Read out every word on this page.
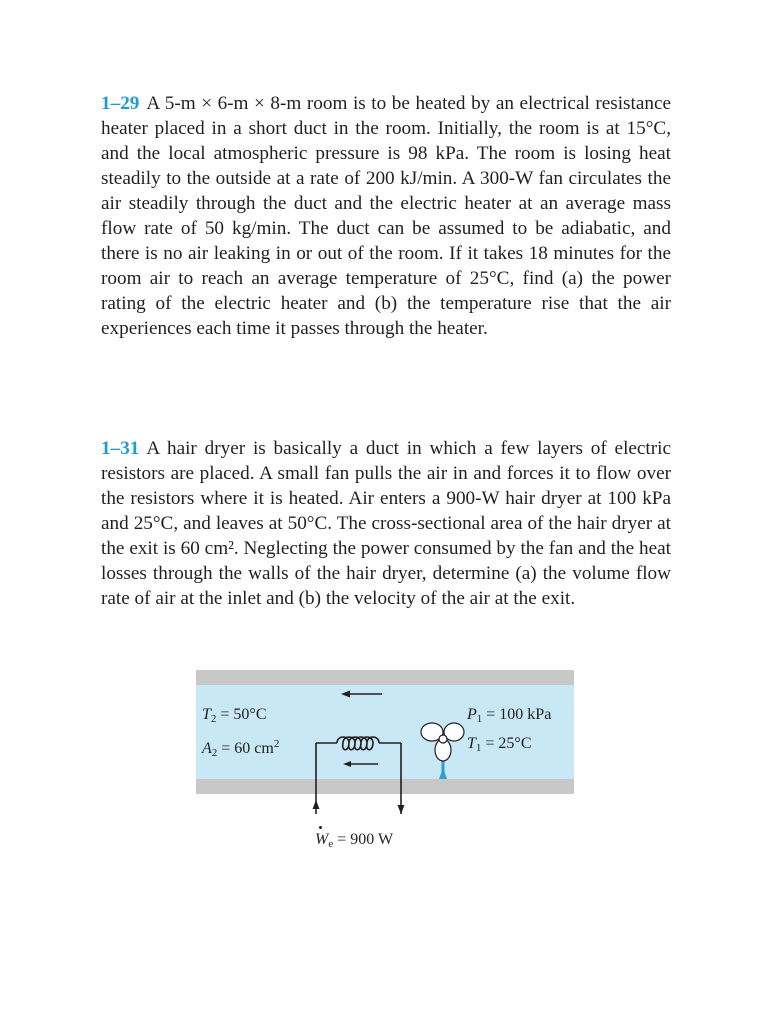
1–29 A 5-m × 6-m × 8-m room is to be heated by an electrical resistance heater placed in a short duct in the room. Initially, the room is at 15°C, and the local atmospheric pressure is 98 kPa. The room is losing heat steadily to the outside at a rate of 200 kJ/min. A 300-W fan circulates the air steadily through the duct and the electric heater at an average mass flow rate of 50 kg/min. The duct can be assumed to be adiabatic, and there is no air leaking in or out of the room. If it takes 18 minutes for the room air to reach an average temperature of 25°C, find (a) the power rating of the electric heater and (b) the temperature rise that the air experiences each time it passes through the heater.
1–31 A hair dryer is basically a duct in which a few layers of electric resistors are placed. A small fan pulls the air in and forces it to flow over the resistors where it is heated. Air enters a 900-W hair dryer at 100 kPa and 25°C, and leaves at 50°C. The cross-sectional area of the hair dryer at the exit is 60 cm². Neglecting the power consumed by the fan and the heat losses through the walls of the hair dryer, determine (a) the volume flow rate of air at the inlet and (b) the velocity of the air at the exit.
$T_2 = 50^\circ C$
$A_2 = 60$ $cm^2$
$P_1 = 100$ kPa
$T_1 = 25^\circ C$
$W_e = 900$ W
